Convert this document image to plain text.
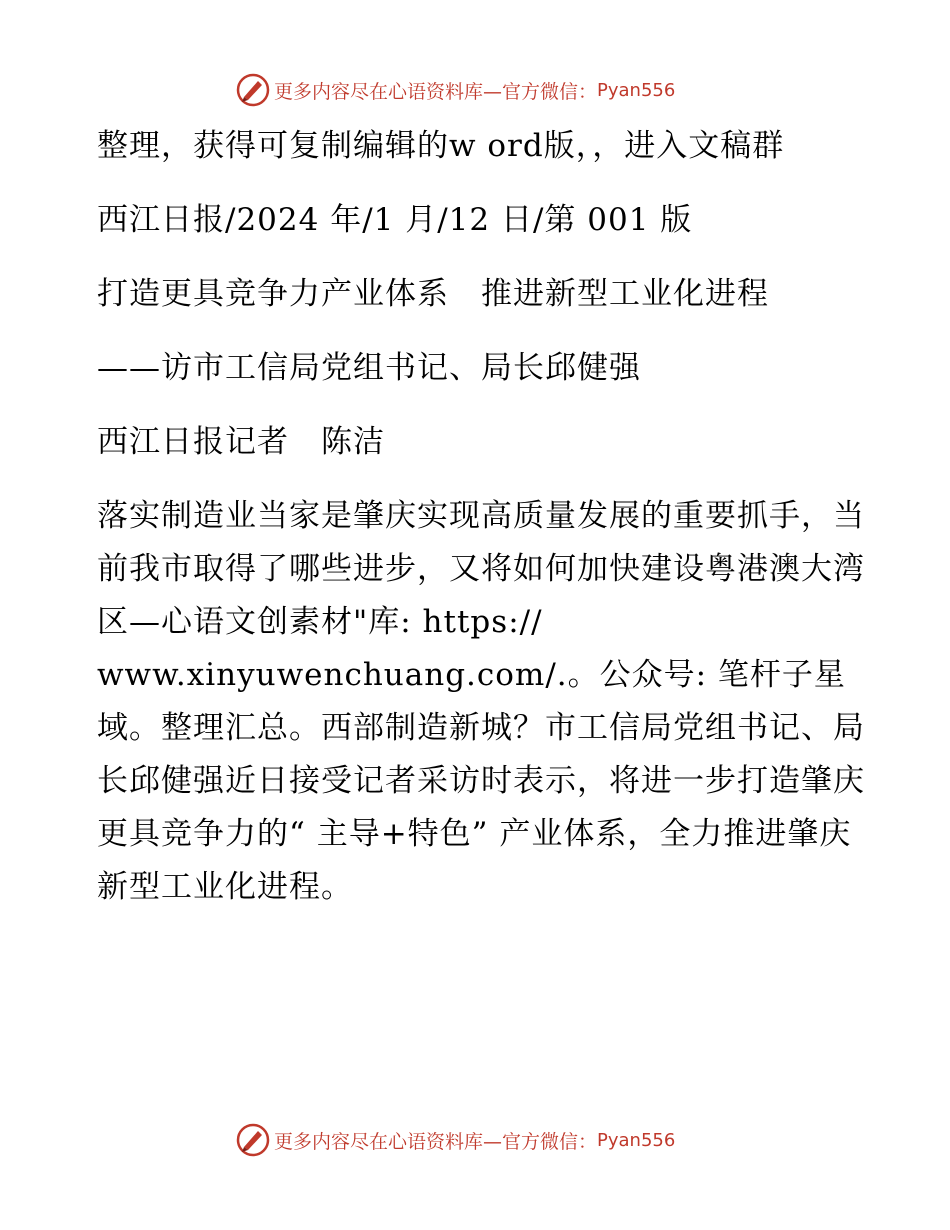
更多内容尽在心语资料库—官方微信： Pyan556

整理，获得可复制编辑的w ord版，，进入文稿群

西江日报/2024 年/1 月/12 日/第 001 版

打造更具竞争力产业体系　推进新型工业化进程

——访市工信局党组书记、局长邱健强

西江日报记者　陈洁

落实制造业当家是肇庆实现高质量发展的重要抓手，当前我市取得了哪些进步，又将如何加快建设粤港澳大湾区—心语文创素材"库: https:// www.xinyuwenchuang.com/.。公众号: 笔杆子星域。整理汇总。西部制造新城？市工信局党组书记、局长邱健强近日接受记者采访时表示，将进一步打造肇庆更具竞争力的“ 主导+特色” 产业体系，全力推进肇庆新型工业化进程。

更多内容尽在心语资料库—官方微信： Pyan556
